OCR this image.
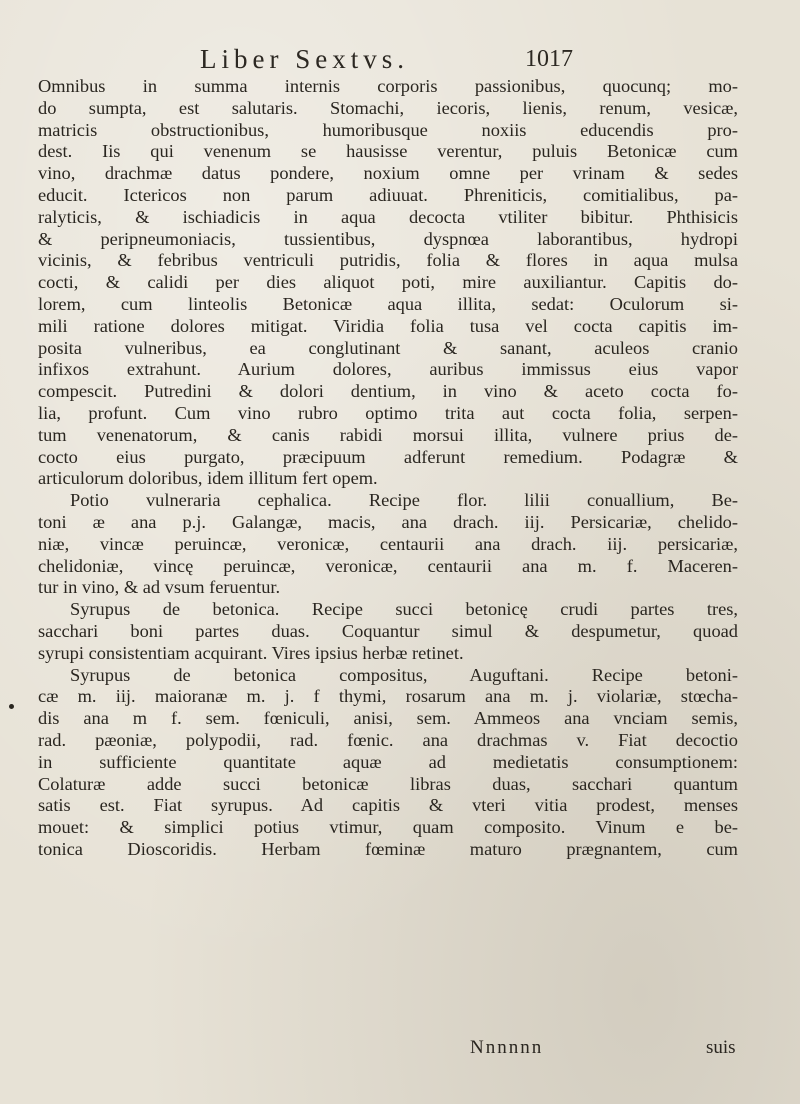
Liber Sextvs.	1017
Omnibus in summa internis corporis passionibus, quocunq; mo-
do sumpta, est salutaris. Stomachi, iecoris, lienis, renum, vesicæ,
matricis obstructionibus, humoribusque noxiis educendis pro-
dest. Iis qui venenum se hausisse verentur, puluis Betonicæ cum
vino, drachmæ datus pondere, noxium omne per vrinam & sedes
educit. Ictericos non parum adiuuat. Phreniticis, comitialibus, pa-
ralyticis, & ischiadicis in aqua decocta vtiliter bibitur. Phthisicis
& peripneumoniacis, tussientibus, dyspnœa laborantibus, hydropi
vicinis, & febribus ventriculi putridis, folia & flores in aqua mulsa
cocti, & calidi per dies aliquot poti, mire auxiliantur. Capitis do-
lorem, cum linteolis Betonicæ aqua illita, sedat: Oculorum si-
mili ratione dolores mitigat. Viridia folia tusa vel cocta capitis im-
posita vulneribus, ea conglutinant & sanant, aculeos cranio
infixos extrahunt. Aurium dolores, auribus immissus eius vapor
compescit. Putredini & dolori dentium, in vino & aceto cocta fo-
lia, profunt. Cum vino rubro optimo trita aut cocta folia, serpen-
tum venenatorum, & canis rabidi morsui illita, vulnere prius de-
cocto eius purgato, præcipuum adferunt remedium. Podagræ &
articulorum doloribus, idem illitum fert opem.
Potio vulneraria cephalica. Recipe flor. lilii conuallium, Be-
toni æ ana p.j. Galangæ, macis, ana drach. iij. Persicariæ, chelido-
niæ, vincæ peruincæ, veronicæ, centaurii ana drach. iij. persicariæ,
chelidoniæ, vincę peruincæ, veronicæ, centaurii ana m. f. Maceren-
tur in vino, & ad vsum feruentur.
Syrupus de betonica. Recipe succi betonicę crudi partes tres,
sacchari boni partes duas. Coquantur simul & despumetur, quoad
syrupi consistentiam acquirant. Vires ipsius herbæ retinet.
Syrupus de betonica compositus, Auguftani. Recipe betoni-
cæ m. iij. maioranæ m. j. f thymi, rosarum ana m. j. violariæ, stœcha-
dis ana m f. sem. fœniculi, anisi, sem. Ammeos ana vnciam semis,
rad. pæoniæ, polypodii, rad. fœnic. ana drachmas v. Fiat decoctio
in sufficiente quantitate aquæ ad medietatis consumptionem:
Colaturæ adde succi betonicæ libras duas, sacchari quantum
satis est. Fiat syrupus. Ad capitis & vteri vitia prodest, menses
mouet: & simplici potius vtimur, quam composito. Vinum e be-
tonica Dioscoridis. Herbam fœminæ maturo prægnantem, cum
Nnnnnn	suis
